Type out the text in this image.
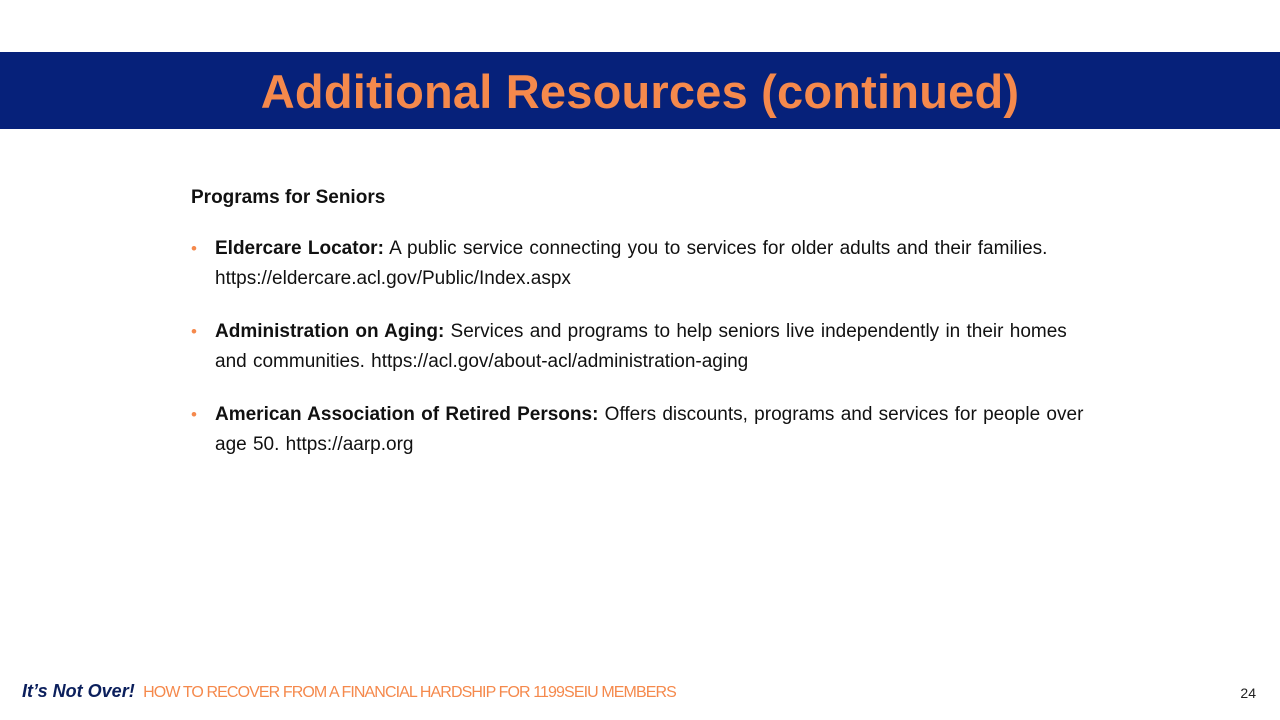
Additional Resources (continued)
Programs for Seniors
• Eldercare Locator: A public service connecting you to services for older adults and their families. https://eldercare.acl.gov/Public/Index.aspx
• Administration on Aging: Services and programs to help seniors live independently in their homes and communities. https://acl.gov/about-acl/administration-aging
• American Association of Retired Persons: Offers discounts, programs and services for people over age 50. https://aarp.org
It’s Not Over! HOW TO RECOVER FROM A FINANCIAL HARDSHIP FOR 1199SEIU MEMBERS	24
